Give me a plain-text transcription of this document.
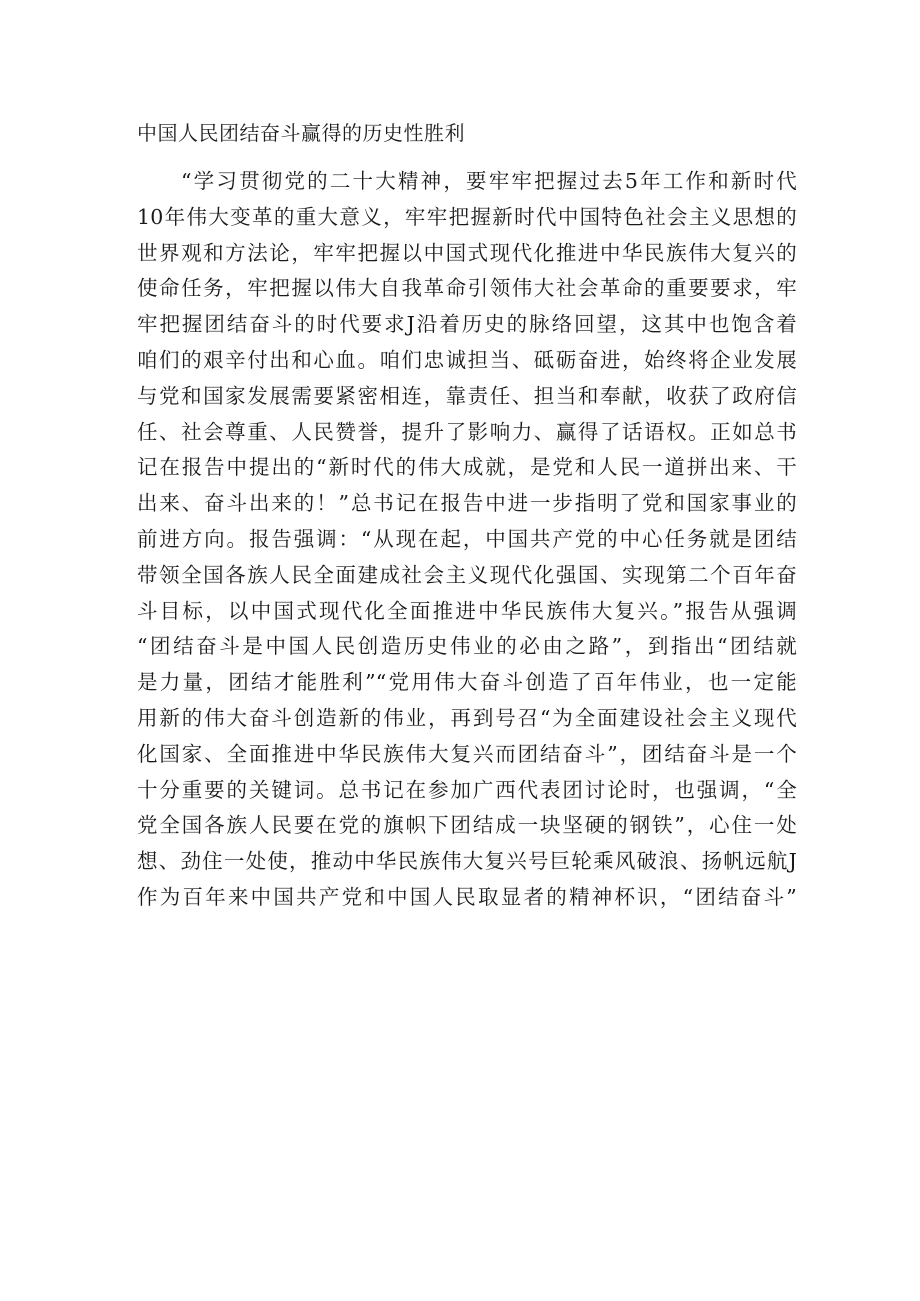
中国人民团结奋斗赢得的历史性胜利
“学习贯彻党的二十大精神，要牢牢把握过去5年工作和新时代
10年伟大变革的重大意义，牢牢把握新时代中国特色社会主义思想的
世界观和方法论，牢牢把握以中国式现代化推进中华民族伟大复兴的
使命任务，牢把握以伟大自我革命引领伟大社会革命的重要要求，牢
牢把握团结奋斗的时代要求J沿着历史的脉络回望，这其中也饱含着
咱们的艰辛付出和心血。咱们忠诚担当、砥砺奋进，始终将企业发展
与党和国家发展需要紧密相连，靠责任、担当和奉献，收获了政府信
任、社会尊重、人民赞誉，提升了影响力、赢得了话语权。正如总书
记在报告中提出的“新时代的伟大成就，是党和人民一道拼出来、干
出来、奋斗出来的！”总书记在报告中进一步指明了党和国家事业的
前进方向。报告强调：“从现在起，中国共产党的中心任务就是团结
带领全国各族人民全面建成社会主义现代化强国、实现第二个百年奋
斗目标，以中国式现代化全面推进中华民族伟大复兴。”报告从强调
“团结奋斗是中国人民创造历史伟业的必由之路”，到指出“团结就
是力量，团结才能胜利”“党用伟大奋斗创造了百年伟业，也一定能
用新的伟大奋斗创造新的伟业，再到号召“为全面建设社会主义现代
化国家、全面推进中华民族伟大复兴而团结奋斗”，团结奋斗是一个
十分重要的关键词。总书记在参加广西代表团讨论时，也强调，“全
党全国各族人民要在党的旗帜下团结成一块坚硬的钢铁”，心住一处
想、劲住一处使，推动中华民族伟大复兴号巨轮乘风破浪、扬帆远航J
作为百年来中国共产党和中国人民取显者的精神杯识，“团结奋斗”
